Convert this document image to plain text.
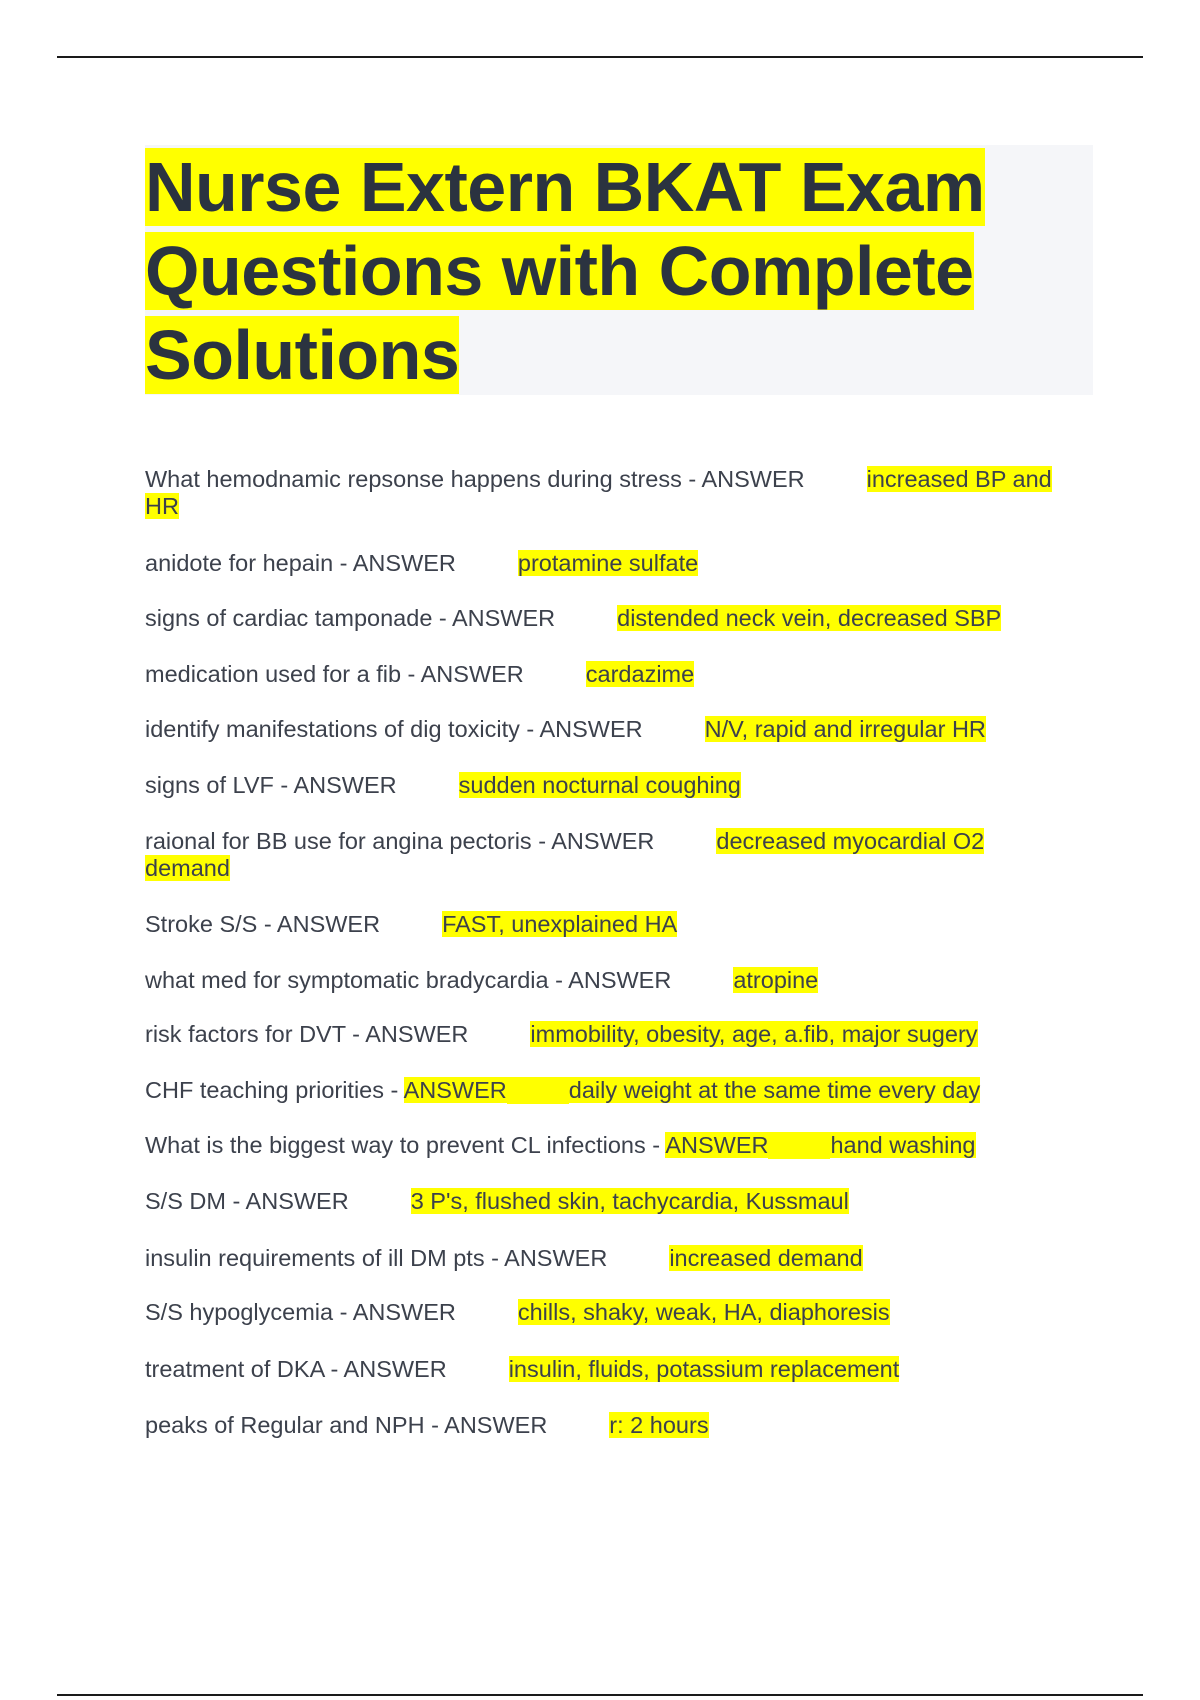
Nurse Extern BKAT Exam
Questions with Complete
Solutions

What hemodnamic repsonse happens during stress - ANSWER	increased BP and
HR

anidote for hepain - ANSWER	protamine sulfate

signs of cardiac tamponade - ANSWER	distended neck vein, decreased SBP

medication used for a fib - ANSWER	cardazime

identify manifestations of dig toxicity - ANSWER	N/V, rapid and irregular HR

signs of LVF - ANSWER	sudden nocturnal coughing

raional for BB use for angina pectoris - ANSWER	decreased myocardial O2
demand

Stroke S/S - ANSWER	FAST, unexplained HA

what med for symptomatic bradycardia - ANSWER	atropine

risk factors for DVT - ANSWER	immobility, obesity, age, a.fib, major sugery

CHF teaching priorities - ANSWER	daily weight at the same time every day

What is the biggest way to prevent CL infections - ANSWER	hand washing

S/S DM - ANSWER	3 P's, flushed skin, tachycardia, Kussmaul

insulin requirements of ill DM pts - ANSWER	increased demand

S/S hypoglycemia - ANSWER	chills, shaky, weak, HA, diaphoresis

treatment of DKA - ANSWER	insulin, fluids, potassium replacement

peaks of Regular and NPH - ANSWER	r: 2 hours
